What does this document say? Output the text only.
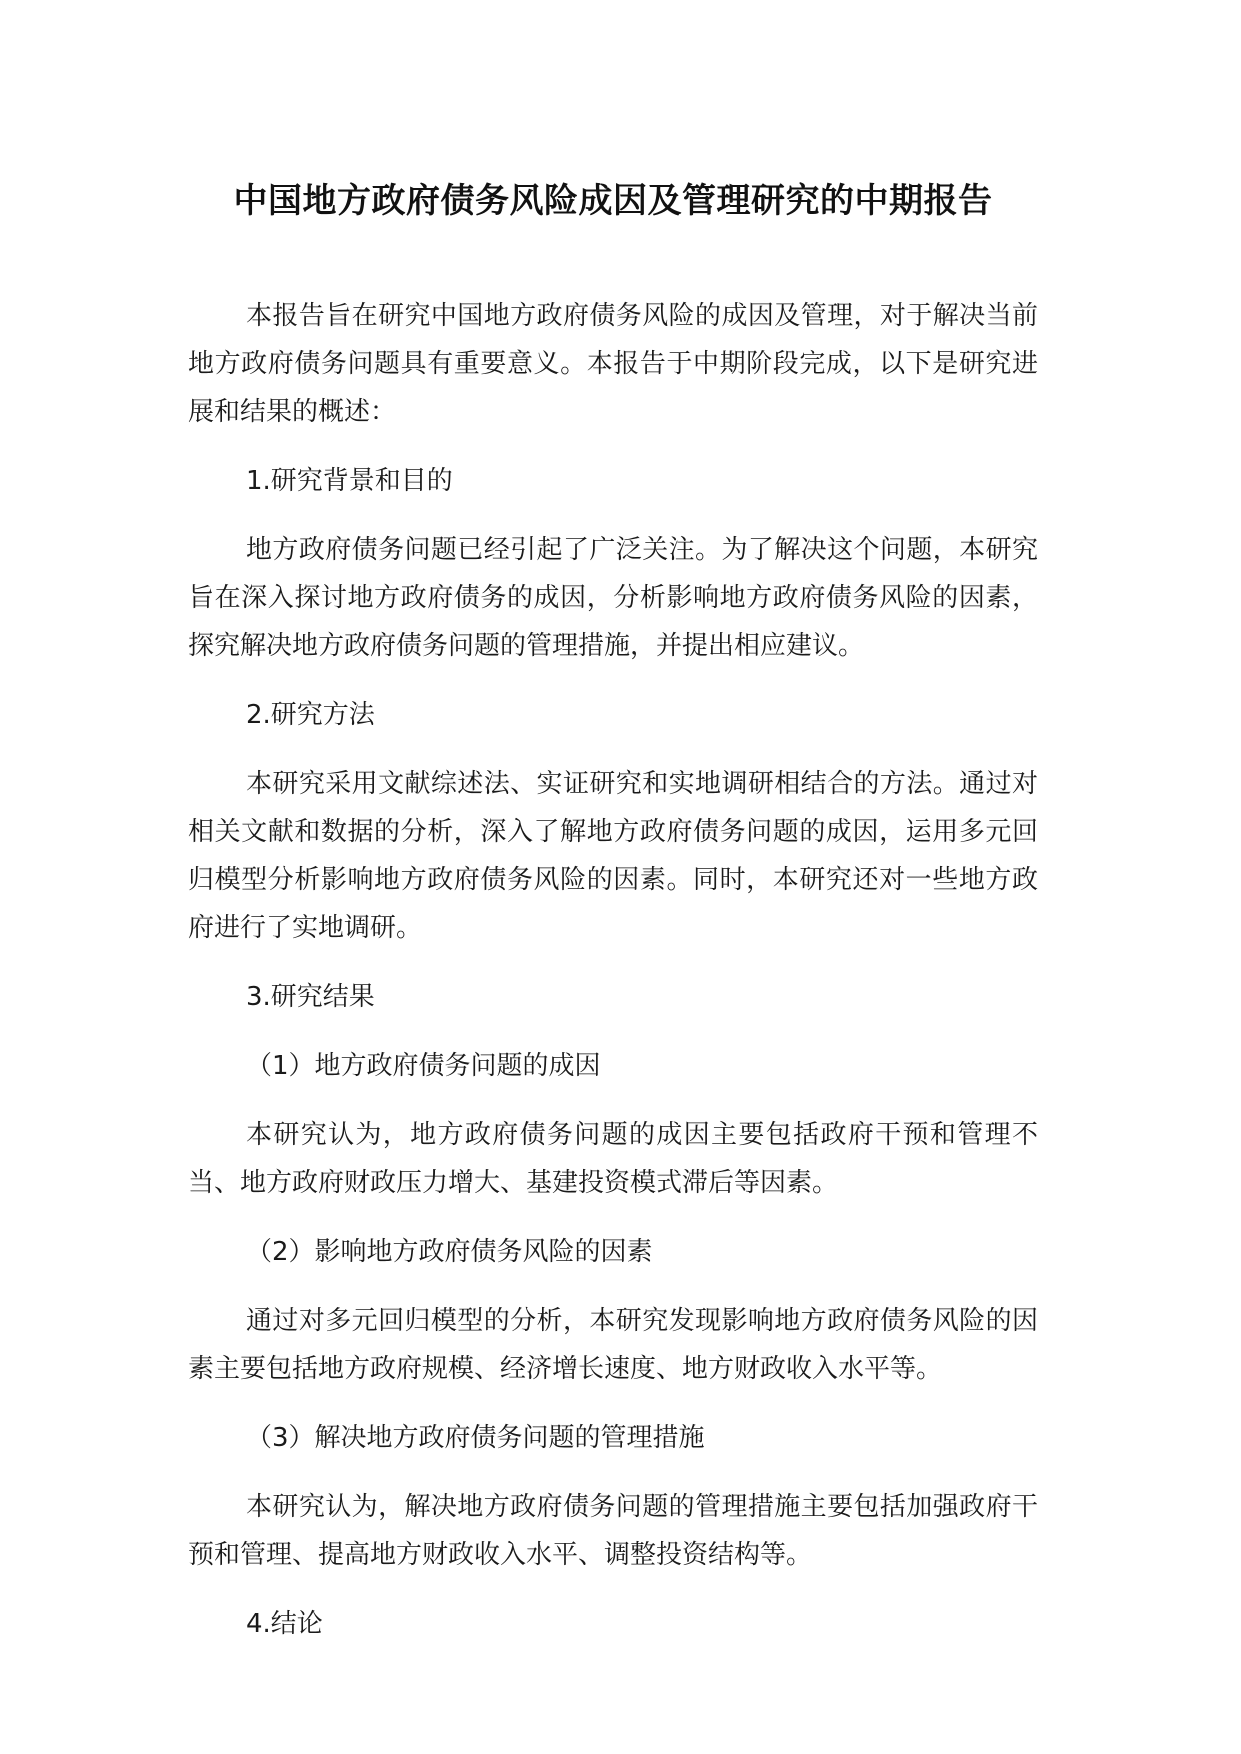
中国地方政府债务风险成因及管理研究的中期报告

本报告旨在研究中国地方政府债务风险的成因及管理，对于解决当前地方政府债务问题具有重要意义。本报告于中期阶段完成，以下是研究进展和结果的概述：

1.研究背景和目的

地方政府债务问题已经引起了广泛关注。为了解决这个问题，本研究旨在深入探讨地方政府债务的成因，分析影响地方政府债务风险的因素，探究解决地方政府债务问题的管理措施，并提出相应建议。

2.研究方法

本研究采用文献综述法、实证研究和实地调研相结合的方法。通过对相关文献和数据的分析，深入了解地方政府债务问题的成因，运用多元回归模型分析影响地方政府债务风险的因素。同时，本研究还对一些地方政府进行了实地调研。

3.研究结果

（1）地方政府债务问题的成因

本研究认为，地方政府债务问题的成因主要包括政府干预和管理不当、地方政府财政压力增大、基建投资模式滞后等因素。

（2）影响地方政府债务风险的因素

通过对多元回归模型的分析，本研究发现影响地方政府债务风险的因素主要包括地方政府规模、经济增长速度、地方财政收入水平等。

（3）解决地方政府债务问题的管理措施

本研究认为，解决地方政府债务问题的管理措施主要包括加强政府干预和管理、提高地方财政收入水平、调整投资结构等。

4.结论
